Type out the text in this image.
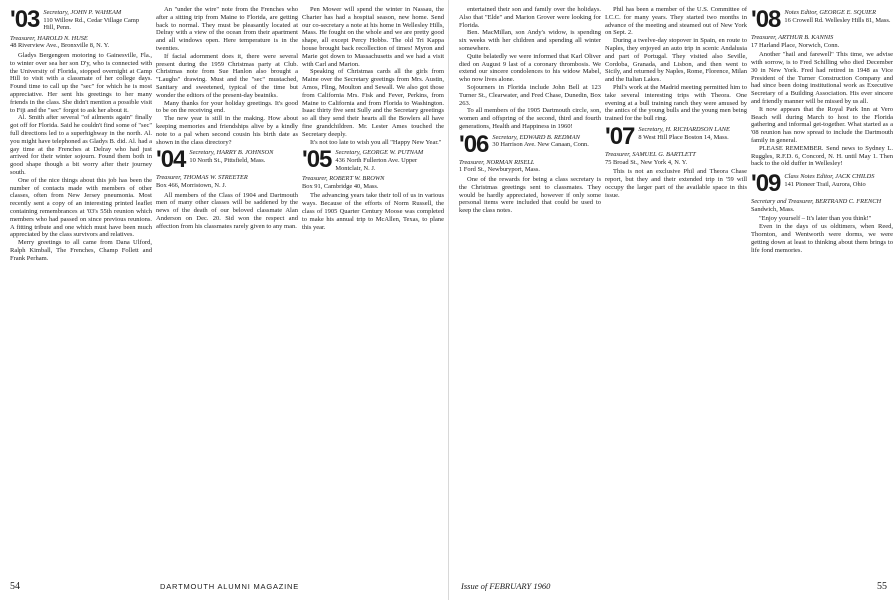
'03 Secretary, JOHN P. WAHEAM
110 Willow Rd., Cedar Village Camp Hill, Penn.
Treasurer, HAROLD N. HUSE
48 Riverview Ave., Bronxville 8, N. Y.

Gladys Bergengren motoring to Gainesville, Fla., to winter over sea her son D'y, who is connected with the University of Florida, stopped overnight at Camp Hill to visit with a classmate of her college days. Found time to call up the "sec" for which he is most appreciative. Her sent his greetings to her many friends in the class. She didn't mention a possible visit to Fiji and the "sec" forgot to ask her about it.

Al. Smith after several "of ailments again" finally got off for Florida. Said he couldn't find some of "sec" full directions led to a superhighway in the north. Al. you might have telephoned as Gladys B. did. Al. had a gay time at the Frenches at Delray who had just arrived for their winter sojourn. Found them both in good shape though a bit worry after their journey south.

One of the nice things about this job has been the number of contacts made with members of other classes, often from New Jersey pneumonia. Most recently sent a copy of an interesting printed leaflet containing remembrances at '03's 55th reunion which members who had passed on since previous reunions. A fitting tribute and one which must have been much appreciated by the class survivors and relatives.

Merry greetings to all came from Dana Ulford, Ralph Kimball, The Frenches, Champ Follett and Frank Perham.

An "under the wire" note from the Frenches who after a sitting trip from Maine to Florida, are getting back to normal. They must be pleasantly located at Delray with a view of the ocean from their apartment and all windows open. Here temperature is in the twenties.

If facial adornment does it, there were several present during the 1959 Christmas party at Club. Christmas note from Sue Hanlon also brought a "Laughs" drawing. Must and the "sec" mustached, Sanitary and sweetened, typical of the time but wonder the editors of the present-day beatniks.

Many thanks for your holiday greetings. It's good to be on the receiving end.

The new year is still in the making. How about keeping memories and friendships alive by a kindly note to a pal when second cousin his birth date as shown in the class directory?

'04 Secretary, HARRY B. JOHNSON
10 North St., Pittsfield, Mass.
Treasurer, THOMAS W. STREETER
Box 466, Morristown, N. J.

All members of the Class of 1904 and Dartmouth men of many other classes will be saddened by the news of the death of our beloved classmate Alan Anderson on Dec. 20. Sid won the respect and affection from his classmates rarely given to any man.

Pen Mower will spend the winter in Nassau, the Charter has had a hospital season, new home. Send our co-secretary a note at his home in Wellesley Hills, Mass. He fought on the whole and we are pretty good shape, all except Percy Hobbs. The old Tri Kappa house brought back recollection of times! Myron and Marie got down to Massachusetts and we had a visit with Carl and Marion.

Speaking of Christmas cards all the girls from Maine over the Secretary greetings from Mrs. Austin, Amos, Fling, Moulton and Sewall. We also got those from California Mrs. Fisk and Fever, Perkins, from Maine to California and from Florida to Washington. Isaac thirty five sent Sully and the Secretary greetings so all they send their hearts all the Bowlers all have fine grandchildren. Mr. Lester Ames touched the Secretary deeply.

It's not too late to wish you all "Happy New Year."

'05 Secretary, GEORGE W. PUTNAM
436 North Fullerton Ave. Upper Montclair, N. J.
Treasurer, ROBERT W. BROWN
Box 91, Cambridge 40, Mass.

The advancing years take their toll of us in various ways. Because of the efforts of Norm Russell, the class of 1905 Quarter Century Moose was completed to make his annual trip to McAllen, Texas, to plane this year.

54	DARTMOUTH ALUMNI MAGAZINE

entertained their son and family over the holidays. Also that "Elde" and Marion Grover were looking for Florida.

Ben. MacMillan, son Andy's widow, is spending six weeks with her children and spending all winter somewhere.

Quite belatedly we were informed that Karl Oliver died on August 9 last of a coronary thrombosis. We extend our sincere condolences to his widow Mabel, who now lives alone.

Sojourners in Florida include John Bell at 123 Turner St., Clearwater, and Fred Chase, Dunedin, Box 263.

To all members of the 1905 Dartmouth circle, son, women and offspring of the second, third and fourth generations, Health and Happiness in 1960!

'06 Secretary, EDWARD B. REDMAN
30 Harrison Ave. New Canaan, Conn.
Treasurer, NORMAN RISELL
1 Ford St., Newburyport, Mass.

One of the rewards for being a class secretary is the Christmas greetings sent to classmates. They would be hardly appreciated, however if only some personal items were included that could be used to keep the class notes.

Phil has been a member of the U.S. Committee of I.C.C. for many years. They started two months in advance of the meeting and steamed out of New York on Sept. 2.

During a twelve-day stopover in Spain, en route to Naples, they enjoyed an auto trip in scenic Andalusia and part of Portugal. They visited also Seville, Cordoba, Granada, and Lisbon, and then went to Sicily, and returned by Naples, Rome, Florence, Milan and the Italian Lakes.

Phil's work at the Madrid meeting permitted him to take several interesting trips with Theora. One evening at a bull training ranch they were amused by the antics of the young bulls and the young men being trained for the bull ring.

'07 Secretary, H. RICHARDSON LANE
8 West Hill Place Boston 14, Mass.
Treasurer, SAMUEL G. BARTLETT
75 Broad St., New York 4, N. Y.

This is not an exclusive Phil and Theora Chase report, but they and their extended trip in '59 will occupy the larger part of the available space in this issue.

'08 Notes Editor, GEORGE E. SQUIER
16 Crowell Rd. Wellesley Hills 81, Mass.
Treasurer, ARTHUR B. KANNIS
17 Harland Place, Norwich, Conn.

Another "hail and farewell" This time, we advise with sorrow, is to Fred Schilling who died December 30 in New York. Fred had retired in 1948 as Vice President of the Turner Construction Company and had since been doing institutional work as Executive Secretary of a Building Association. His ever sincere and friendly manner will be missed by us all.

It now appears that the Royal Park Inn at Vero Beach will during March to host to the Florida gathering and informal get-together. What started as a '08 reunion has now spread to include the Dartmouth family in general.

PLEASE REMEMBER. Send news to Sydney L. Ruggles, R.F.D. 6, Concord, N. H. until May 1. Then back to the old duffer in Wellesley!

'09 Class Notes Editor, JACK CHILDS
141 Pioneer Trail, Aurora, Ohio
Secretary and Treasurer, BERTRAND C. FRENCH
Sandwich, Mass.

"Enjoy yourself – It's later than you think!"

Even in the days of us oldtimers, when Reed, Thornton, and Wentworth were dorms, we were getting down at least to thinking about them brings to life fond memories.

Issue of FEBRUARY 1960	55
